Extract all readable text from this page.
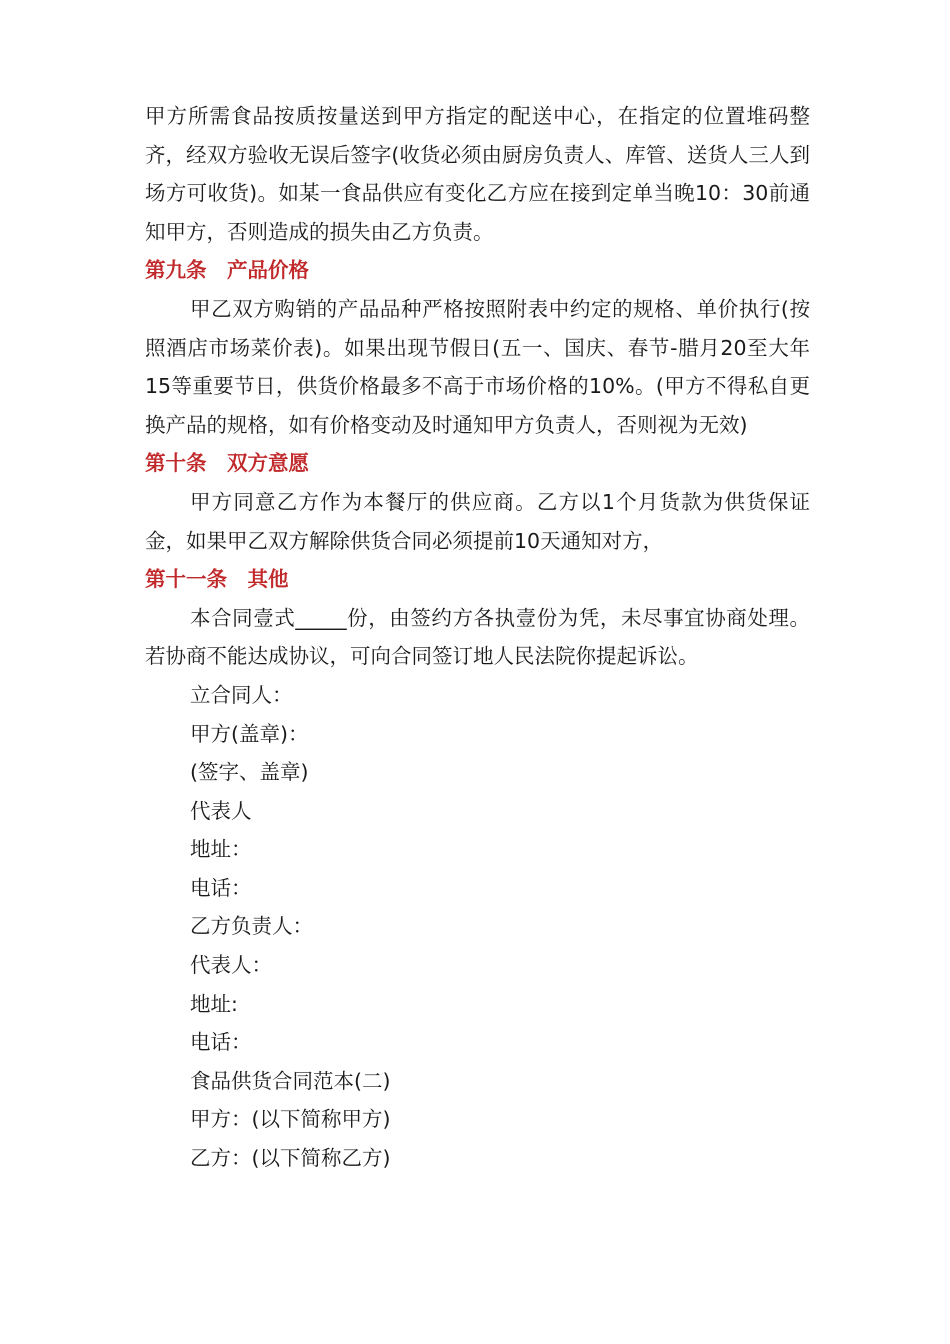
甲方所需食品按质按量送到甲方指定的配送中心，在指定的位置堆码整齐，经双方验收无误后签字(收货必须由厨房负责人、库管、送货人三人到场方可收货)。如某一食品供应有变化乙方应在接到定单当晚10：30前通知甲方，否则造成的损失由乙方负责。

第九条　产品价格

甲乙双方购销的产品品种严格按照附表中约定的规格、单价执行(按照酒店市场菜价表)。如果出现节假日(五一、国庆、春节-腊月20至大年15等重要节日，供货价格最多不高于市场价格的10%。(甲方不得私自更换产品的规格，如有价格变动及时通知甲方负责人，否则视为无效)

第十条　双方意愿

甲方同意乙方作为本餐厅的供应商。乙方以1个月货款为供货保证金，如果甲乙双方解除供货合同必须提前10天通知对方，

第十一条　其他

本合同壹式_____份，由签约方各执壹份为凭，未尽事宜协商处理。若协商不能达成协议，可向合同签订地人民法院你提起诉讼。

立合同人：

甲方(盖章)：

(签字、盖章)

代表人

地址：

电话：

乙方负责人：

代表人：

地址:

电话：

食品供货合同范本(二)

甲方：(以下简称甲方)

乙方：(以下简称乙方)
